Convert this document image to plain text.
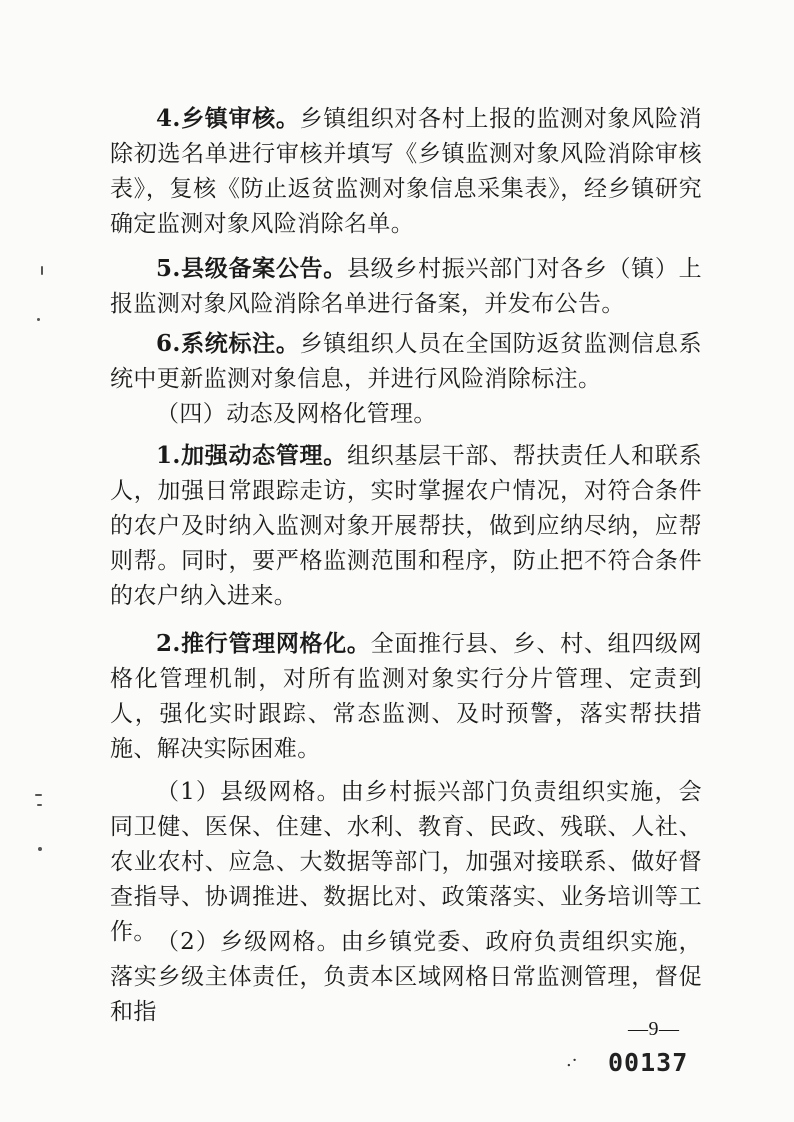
4.乡镇审核。乡镇组织对各村上报的监测对象风险消除初选名单进行审核并填写《乡镇监测对象风险消除审核表》，复核《防止返贫监测对象信息采集表》，经乡镇研究确定监测对象风险消除名单。

5.县级备案公告。县级乡村振兴部门对各乡（镇）上报监测对象风险消除名单进行备案，并发布公告。

6.系统标注。乡镇组织人员在全国防返贫监测信息系统中更新监测对象信息，并进行风险消除标注。

（四）动态及网格化管理。

1.加强动态管理。组织基层干部、帮扶责任人和联系人，加强日常跟踪走访，实时掌握农户情况，对符合条件的农户及时纳入监测对象开展帮扶，做到应纳尽纳，应帮则帮。同时，要严格监测范围和程序，防止把不符合条件的农户纳入进来。

2.推行管理网格化。全面推行县、乡、村、组四级网格化管理机制，对所有监测对象实行分片管理、定责到人，强化实时跟踪、常态监测、及时预警，落实帮扶措施、解决实际困难。

（1）县级网格。由乡村振兴部门负责组织实施，会同卫健、医保、住建、水利、教育、民政、残联、人社、农业农村、应急、大数据等部门，加强对接联系、做好督查指导、协调推进、数据比对、政策落实、业务培训等工作。 （2）乡级网格。由乡镇党委、政府负责组织实施，落实乡级主体责任，负责本区域网格日常监测管理，督促和指

—9—
.· 00137
